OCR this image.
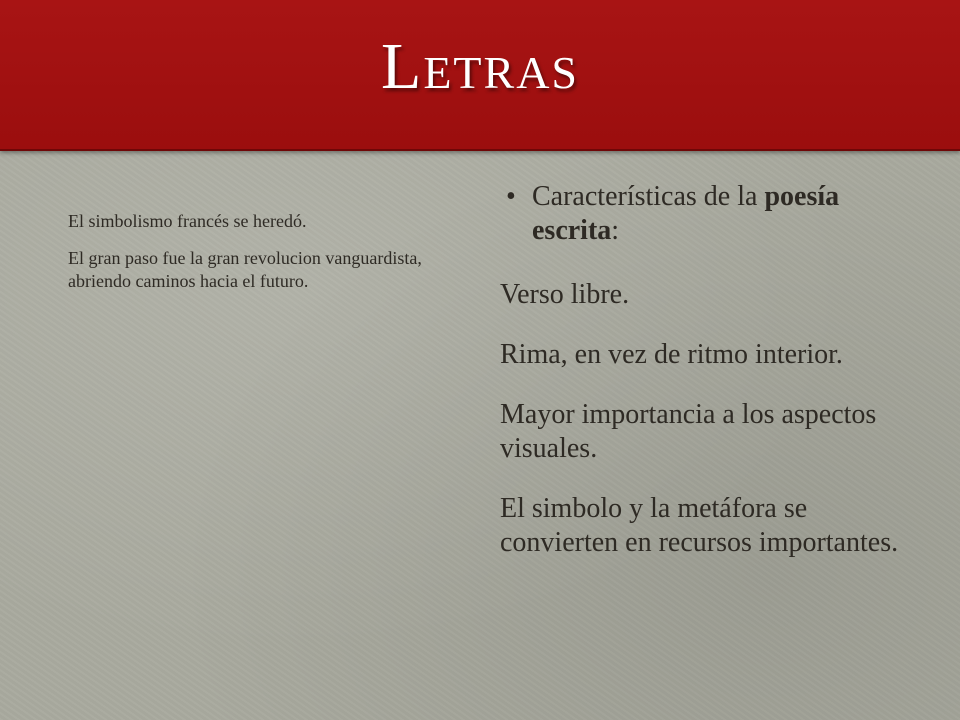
Letras

El simbolismo francés se heredó.

El gran paso fue la gran revolucion vanguardista, abriendo caminos hacia el futuro.

• Características de la poesía escrita:

Verso libre.

Rima, en vez de ritmo interior.

Mayor importancia a los aspectos visuales.

El simbolo y la metáfora se convierten en recursos importantes.
